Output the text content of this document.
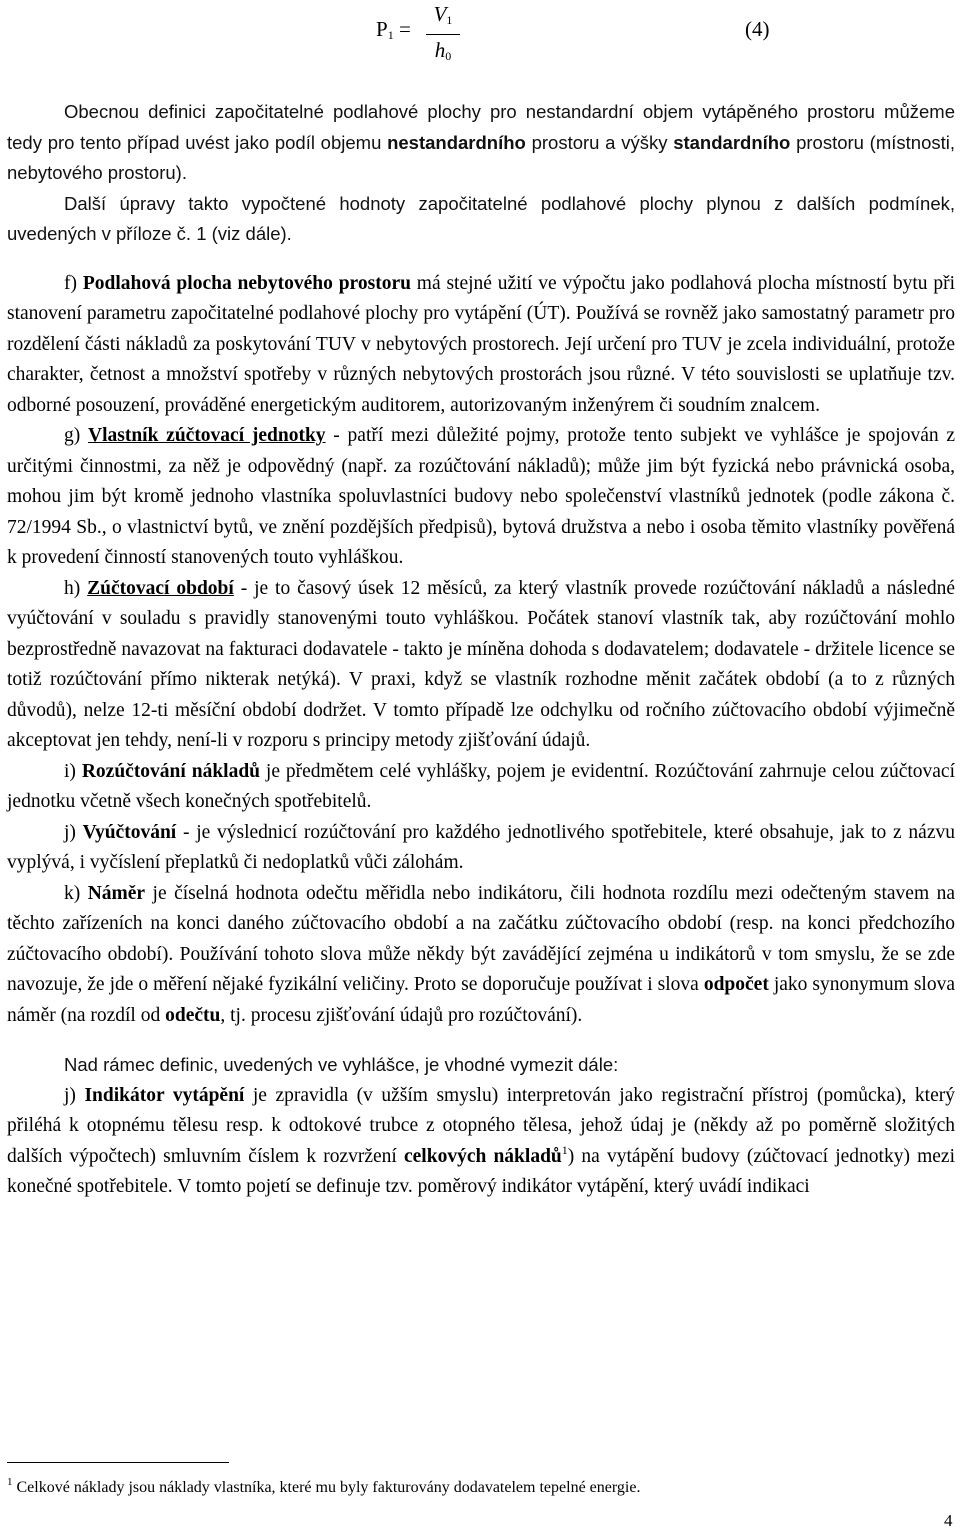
$P_1$ =
$V_1$
$h_0$
(4)

Obecnou definici započitatelné podlahové plochy pro nestandardní objem vytápěného prostoru můžeme tedy pro tento případ uvést jako podíl objemu nestandardního prostoru a výšky standardního prostoru (místnosti, nebytového prostoru).

Další úpravy takto vypočtené hodnoty započitatelné podlahové plochy plynou z dalších podmínek, uvedených v příloze č. 1 (viz dále).

f) Podlahová plocha nebytového prostoru má stejné užití ve výpočtu jako podlahová plocha místností bytu při stanovení parametru započitatelné podlahové plochy pro vytápění (ÚT). Používá se rovněž jako samostatný parametr pro rozdělení části nákladů za poskytování TUV v nebytových prostorech. Její určení pro TUV je zcela individuální, protože charakter, četnost a množství spotřeby v různých nebytových prostorách jsou různé. V této souvislosti se uplatňuje tzv. odborné posouzení, prováděné energetickým auditorem, autorizovaným inženýrem či soudním znalcem.

g) Vlastník zúčtovací jednotky - patří mezi důležité pojmy, protože tento subjekt ve vyhlášce je spojován z určitými činnostmi, za něž je odpovědný (např. za rozúčtování nákladů); může jim být fyzická nebo právnická osoba, mohou jim být kromě jednoho vlastníka spoluvlastníci budovy nebo společenství vlastníků jednotek (podle zákona č. 72/1994 Sb., o vlastnictví bytů, ve znění pozdějších předpisů), bytová družstva a nebo i osoba těmito vlastníky pověřená k provedení činností stanovených touto vyhláškou.

h) Zúčtovací období - je to časový úsek 12 měsíců, za který vlastník provede rozúčtování nákladů a následné vyúčtování v souladu s pravidly stanovenými touto vyhláškou. Počátek stanoví vlastník tak, aby rozúčtování mohlo bezprostředně navazovat na fakturaci dodavatele - takto je míněna dohoda s dodavatelem; dodavatele - držitele licence se totiž rozúčtování přímo nikterak netýká). V praxi, když se vlastník rozhodne měnit začátek období (a to z různých důvodů), nelze 12-ti měsíční období dodržet. V tomto případě lze odchylku od ročního zúčtovacího období výjimečně akceptovat jen tehdy, není-li v rozporu s principy metody zjišťování údajů.

i) Rozúčtování nákladů je předmětem celé vyhlášky, pojem je evidentní. Rozúčtování zahrnuje celou zúčtovací jednotku včetně všech konečných spotřebitelů.

j) Vyúčtování - je výslednicí rozúčtování pro každého jednotlivého spotřebitele, které obsahuje, jak to z názvu vyplývá, i vyčíslení přeplatků či nedoplatků vůči zálohám.

k) Náměr je číselná hodnota odečtu měřidla nebo indikátoru, čili hodnota rozdílu mezi odečteným stavem na těchto zařízeních na konci daného zúčtovacího období a na začátku zúčtovacího období (resp. na konci předchozího zúčtovacího období). Používání tohoto slova může někdy být zavádějící zejména u indikátorů v tom smyslu, že se zde navozuje, že jde o měření nějaké fyzikální veličiny. Proto se doporučuje používat i slova odpočet jako synonymum slova náměr (na rozdíl od odečtu, tj. procesu zjišťování údajů pro rozúčtování).

Nad rámec definic, uvedených ve vyhlášce, je vhodné vymezit dále:

j) Indikátor vytápění je zpravidla (v užším smyslu) interpretován jako registrační přístroj (pomůcka), který přiléhá k otopnému tělesu resp. k odtokové trubce z otopného tělesa, jehož údaj je (někdy až po poměrně složitých dalších výpočtech) smluvním číslem k rozvržení celkových nákladů$^1$) na vytápění budovy (zúčtovací jednotky) mezi konečné spotřebitele. V tomto pojetí se definuje tzv. poměrový indikátor vytápění, který uvádí indikaci

$^1$ Celkové náklady jsou náklady vlastníka, které mu byly fakturovány dodavatelem tepelné energie.
4
